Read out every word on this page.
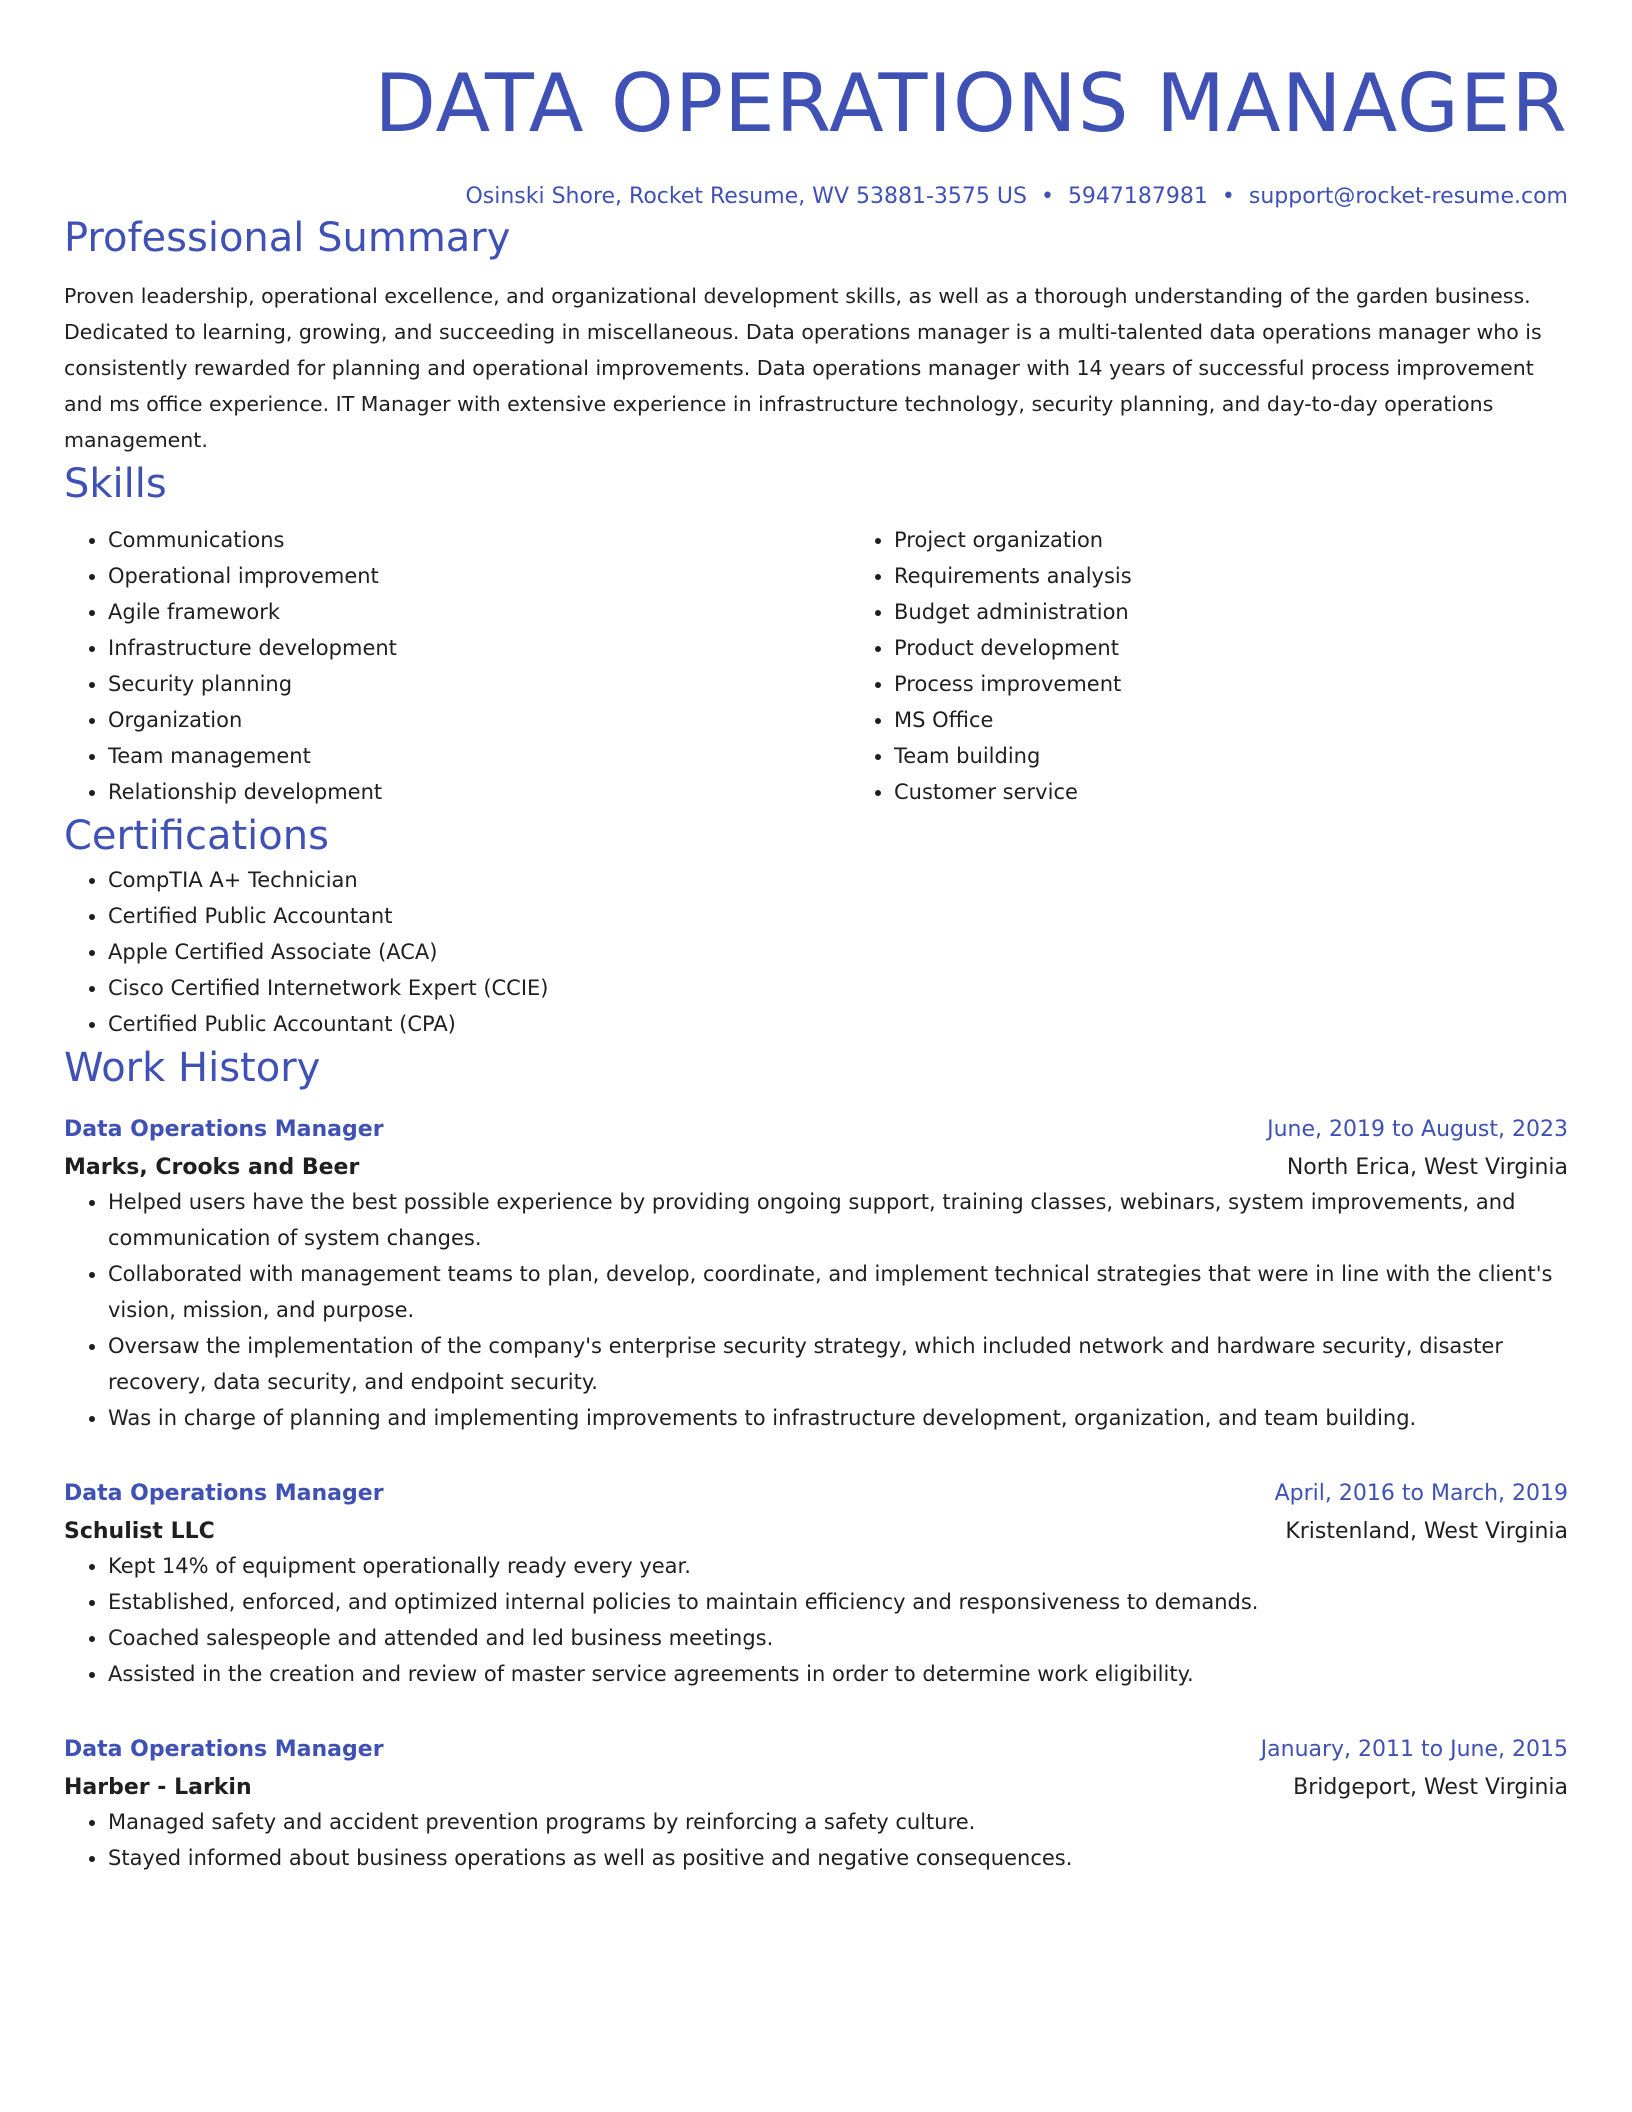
DATA OPERATIONS MANAGER
Osinski Shore, Rocket Resume, WV 53881-3575 US • 5947187981 • support@rocket-resume.com
Professional Summary

Proven leadership, operational excellence, and organizational development skills, as well as a thorough understanding of the garden business. Dedicated to learning, growing, and succeeding in miscellaneous. Data operations manager is a multi-talented data operations manager who is consistently rewarded for planning and operational improvements. Data operations manager with 14 years of successful process improvement and ms office experience. IT Manager with extensive experience in infrastructure technology, security planning, and day-to-day operations management.

Skills
• Communications
• Operational improvement
• Agile framework
• Infrastructure development
• Security planning
• Organization
• Team management
• Relationship development
• Project organization
• Requirements analysis
• Budget administration
• Product development
• Process improvement
• MS Office
• Team building
• Customer service
Certifications
• CompTIA A+ Technician
• Certified Public Accountant
• Apple Certified Associate (ACA)
• Cisco Certified Internetwork Expert (CCIE)
• Certified Public Accountant (CPA)
Work History
Data Operations Manager	June, 2019 to August, 2023
Marks, Crooks and Beer	North Erica, West Virginia
• Helped users have the best possible experience by providing ongoing support, training classes, webinars, system improvements, and communication of system changes.
• Collaborated with management teams to plan, develop, coordinate, and implement technical strategies that were in line with the client's vision, mission, and purpose.
• Oversaw the implementation of the company's enterprise security strategy, which included network and hardware security, disaster recovery, data security, and endpoint security.
• Was in charge of planning and implementing improvements to infrastructure development, organization, and team building.
Data Operations Manager	April, 2016 to March, 2019
Schulist LLC	Kristenland, West Virginia
• Kept 14% of equipment operationally ready every year.
• Established, enforced, and optimized internal policies to maintain efficiency and responsiveness to demands.
• Coached salespeople and attended and led business meetings.
• Assisted in the creation and review of master service agreements in order to determine work eligibility.
Data Operations Manager	January, 2011 to June, 2015
Harber - Larkin	Bridgeport, West Virginia
• Managed safety and accident prevention programs by reinforcing a safety culture.
• Stayed informed about business operations as well as positive and negative consequences.
